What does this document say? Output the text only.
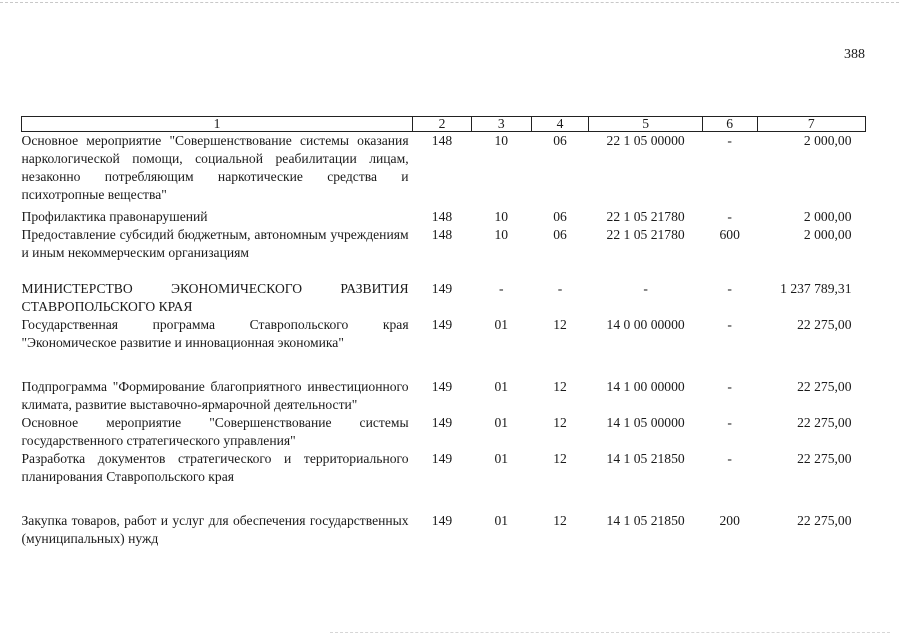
388
1	2	3	4	5	6	7
Основное мероприятие "Совершенствование системы оказания наркологической помощи, социальной реабилитации лицам, незаконно потребляющим наркотические средства и психотропные вещества"	148	10	06	22 1 05 00000	-	2 000,00
Профилактика правонарушений	148	10	06	22 1 05 21780	-	2 000,00
Предоставление субсидий бюджетным, автономным учреждениям и иным некоммерческим организациям	148	10	06	22 1 05 21780	600	2 000,00
МИНИСТЕРСТВО ЭКОНОМИЧЕСКОГО РАЗВИТИЯ СТАВРОПОЛЬСКОГО КРАЯ	149	-	-	-	-	1 237 789,31
Государственная программа Ставропольского края "Экономическое развитие и инновационная экономика"	149	01	12	14 0 00 00000	-	22 275,00
Подпрограмма "Формирование благоприятного инвестиционного климата, развитие выставочно-ярмарочной деятельности"	149	01	12	14 1 00 00000	-	22 275,00
Основное мероприятие "Совершенствование системы государственного стратегического управления"	149	01	12	14 1 05 00000	-	22 275,00
Разработка документов стратегического и территориального планирования Ставропольского края	149	01	12	14 1 05 21850	-	22 275,00
Закупка товаров, работ и услуг для обеспечения государственных (муниципальных) нужд	149	01	12	14 1 05 21850	200	22 275,00
